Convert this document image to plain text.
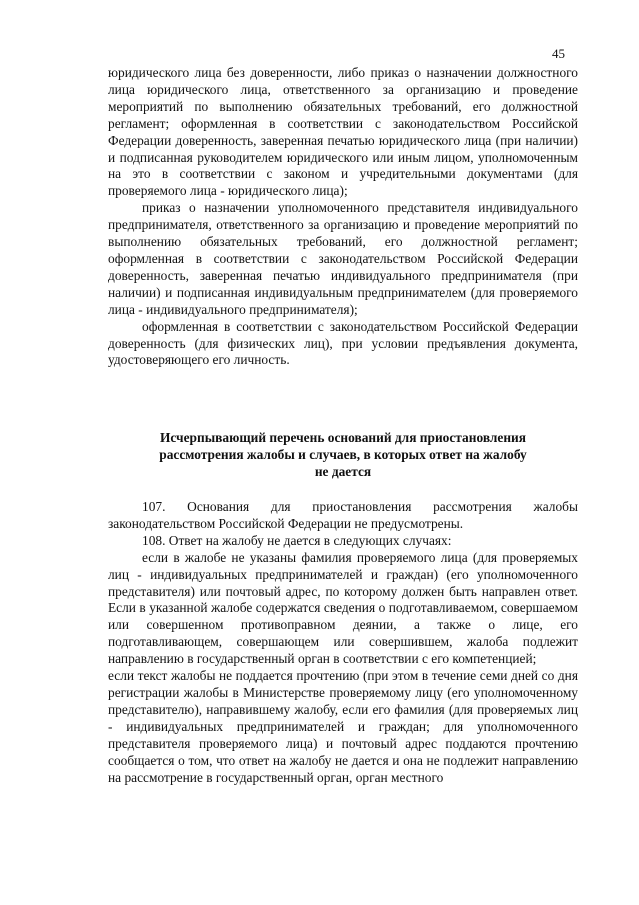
45

юридического лица без доверенности, либо приказ о назначении должностного лица юридического лица, ответственного за организацию и проведение мероприятий по выполнению обязательных требований, его должностной регламент; оформленная в соответствии с законодательством Российской Федерации доверенность, заверенная печатью юридического лица (при наличии) и подписанная руководителем юридического или иным лицом, уполномоченным на это в соответствии с законом и учредительными документами (для проверяемого лица - юридического лица);

приказ о назначении уполномоченного представителя индивидуального предпринимателя, ответственного за организацию и проведение мероприятий по выполнению обязательных требований, его должностной регламент; оформленная в соответствии с законодательством Российской Федерации доверенность, заверенная печатью индивидуального предпринимателя (при наличии) и подписанная индивидуальным предпринимателем (для проверяемого лица - индивидуального предпринимателя);

оформленная в соответствии с законодательством Российской Федерации доверенность (для физических лиц), при условии предъявления документа, удостоверяющего его личность.

Исчерпывающий перечень оснований для приостановления

рассмотрения жалобы и случаев, в которых ответ на жалобу

не дается

107. Основания для приостановления рассмотрения жалобы законодательством Российской Федерации не предусмотрены.

108. Ответ на жалобу не дается в следующих случаях:

если в жалобе не указаны фамилия проверяемого лица (для проверяемых лиц - индивидуальных предпринимателей и граждан) (его уполномоченного представителя) или почтовый адрес, по которому должен быть направлен ответ. Если в указанной жалобе содержатся сведения о подготавливаемом, совершаемом или совершенном противоправном деянии, а также о лице, его подготавливающем, совершающем или совершившем, жалоба подлежит направлению в государственный орган в соответствии с его компетенцией;

если текст жалобы не поддается прочтению (при этом в течение семи дней со дня регистрации жалобы в Министерстве проверяемому лицу (его уполномоченному представителю), направившему жалобу, если его фамилия (для проверяемых лиц - индивидуальных предпринимателей и граждан; для уполномоченного представителя проверяемого лица) и почтовый адрес поддаются прочтению сообщается о том, что ответ на жалобу не дается и она не подлежит направлению на рассмотрение в государственный орган, орган местного
